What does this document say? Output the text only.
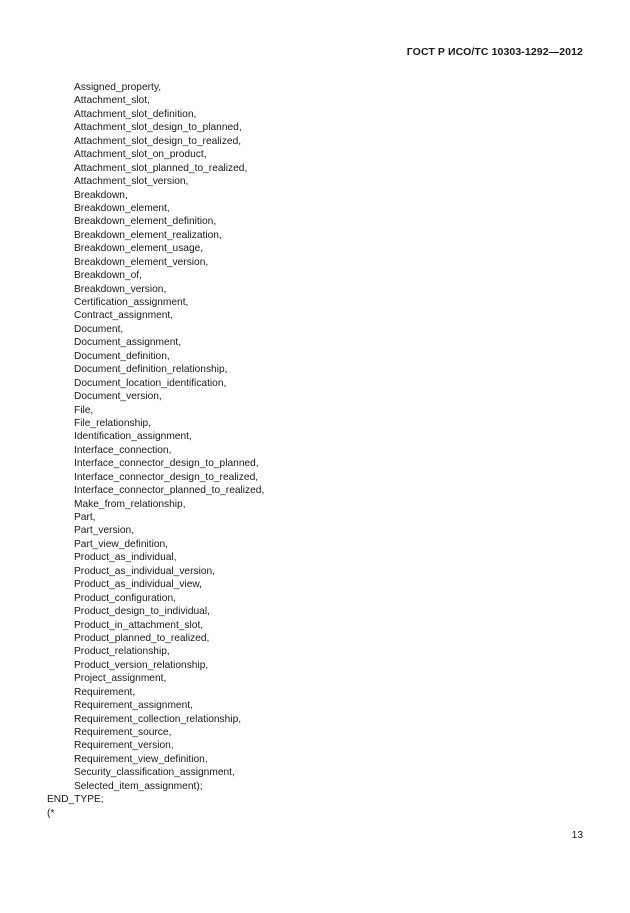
ГОСТ Р ИСО/ТС 10303-1292—2012
Assigned_property,
Attachment_slot,
Attachment_slot_definition,
Attachment_slot_design_to_planned,
Attachment_slot_design_to_realized,
Attachment_slot_on_product,
Attachment_slot_planned_to_realized,
Attachment_slot_version,
Breakdown,
Breakdown_element,
Breakdown_element_definition,
Breakdown_element_realization,
Breakdown_element_usage,
Breakdown_element_version,
Breakdown_of,
Breakdown_version,
Certification_assignment,
Contract_assignment,
Document,
Document_assignment,
Document_definition,
Document_definition_relationship,
Document_location_identification,
Document_version,
File,
File_relationship,
Identification_assignment,
Interface_connection,
Interface_connector_design_to_planned,
Interface_connector_design_to_realized,
Interface_connector_planned_to_realized,
Make_from_relationship,
Part,
Part_version,
Part_view_definition,
Product_as_individual,
Product_as_individual_version,
Product_as_individual_view,
Product_configuration,
Product_design_to_individual,
Product_in_attachment_slot,
Product_planned_to_realized,
Product_relationship,
Product_version_relationship,
Project_assignment,
Requirement,
Requirement_assignment,
Requirement_collection_relationship,
Requirement_source,
Requirement_version,
Requirement_view_definition,
Security_classification_assignment,
Selected_item_assignment);
END_TYPE;
(*
13
